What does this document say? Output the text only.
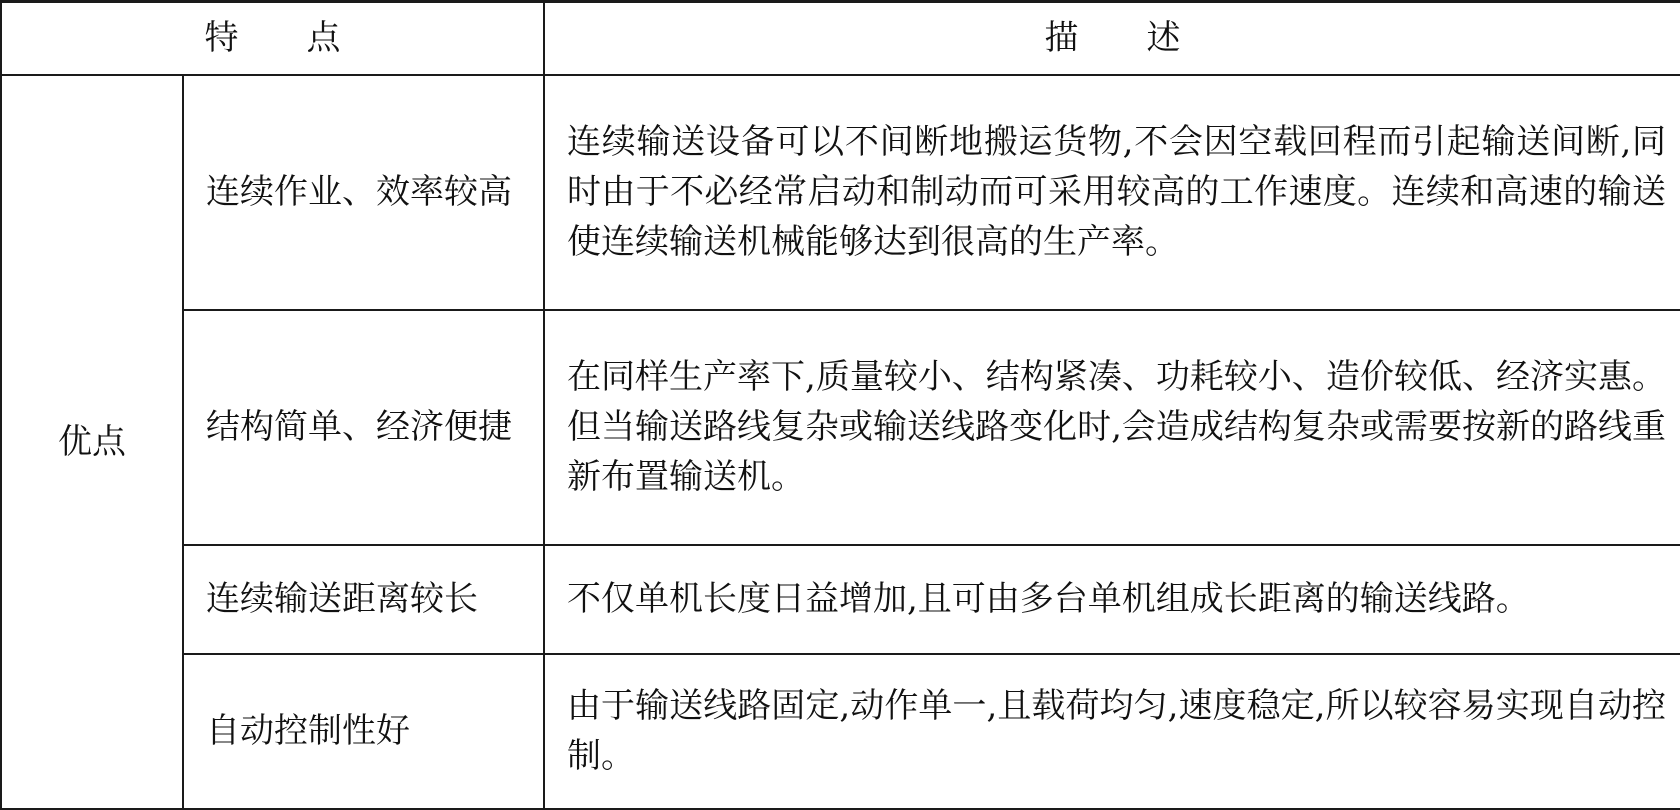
特　　点		描　　述
优点	连续作业、效率较高	连续输送设备可以不间断地搬运货物,不会因空载回程而引起输送间断,同时由于不必经常启动和制动而可采用较高的工作速度。连续和高速的输送使连续输送机械能够达到很高的生产率。
	结构简单、经济便捷	在同样生产率下,质量较小、结构紧凑、功耗较小、造价较低、经济实惠。但当输送路线复杂或输送线路变化时,会造成结构复杂或需要按新的路线重新布置输送机。
	连续输送距离较长	不仅单机长度日益增加,且可由多台单机组成长距离的输送线路。
	自动控制性好	由于输送线路固定,动作单一,且载荷均匀,速度稳定,所以较容易实现自动控制。
